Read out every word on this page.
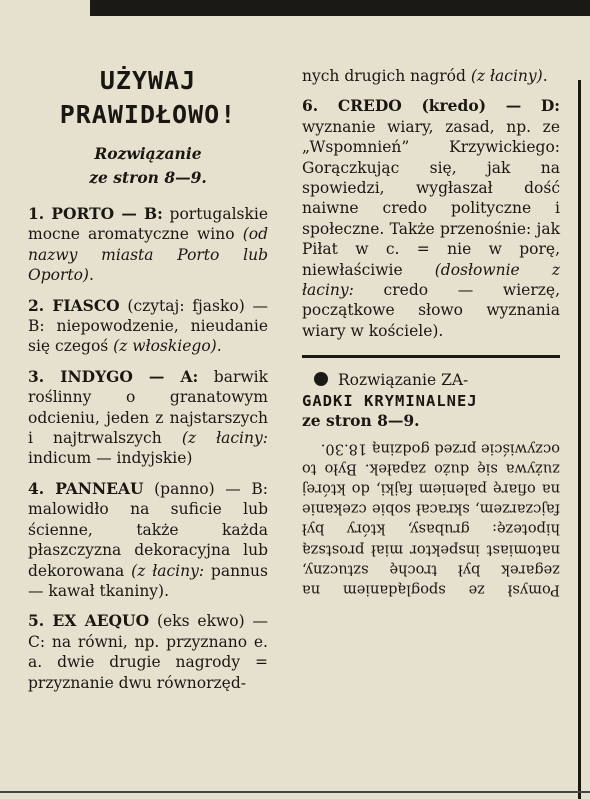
UŻYWAJ
PRAWIDŁOWO!
Rozwiązanie
ze stron 8—9.

1. PORTO — B: portugalskie mocne aromatyczne wino (od nazwy miasta Porto lub Oporto).

2. FIASCO (czytaj: fjasko) — B: niepowodzenie, nieudanie się czegoś (z włoskiego).

3. INDYGO — A: barwik roślinny o granatowym odcieniu, jeden z najstarszych i najtrwalszych (z łaciny: indicum — indyjskie)

4. PANNEAU (panno) — B: malowidło na suficie lub ścienne, także każda płaszczyzna dekoracyjna lub dekorowana (z łaciny: pannus — kawał tkaniny).

5. EX AEQUO (eks ekwo) — C: na równi, np. przyznano e. a. dwie drugie nagrody = przyznanie dwu równorzęd-

nych drugich nagród (z łaciny).

6. CREDO (kredo) — D: wyznanie wiary, zasad, np. ze „Wspomnień” Krzywickiego: Gorączkując się, jak na spowiedzi, wygłaszał dość naiwne credo polityczne i społeczne. Także przenośnie: jak Piłat w c. = nie w porę, niewłaściwie (dosłownie z łaciny: credo — wierzę, początkowe słowo wyznania wiary w kościele).

Rozwiązanie ZA-
GADKI KRYMINALNEJ
ze stron 8—9.

Pomysł ze spoglądaniem na zegarek był trochę sztuczny, natomiast inspektor miał prostszą hipotezę: grubasy, który był fajczarzem, skracał sobie czekanie na ofiarę paleniem fajki, do której zużywa się dużo zapałek. Było to oczywiście przed godziną 18.30.
